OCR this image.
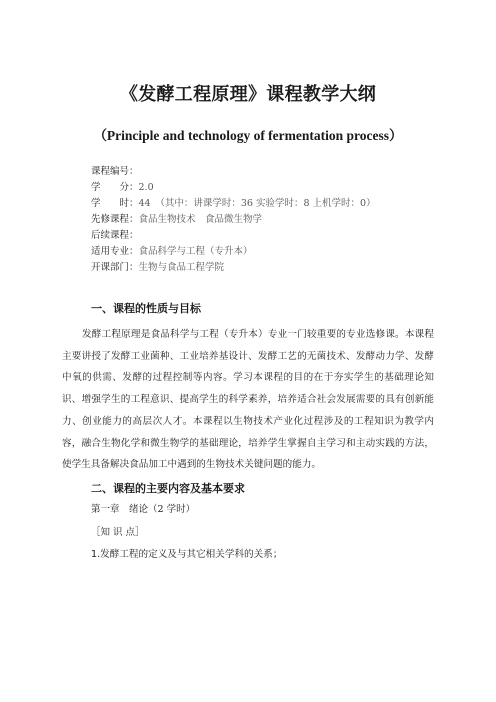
《发酵工程原理》课程教学大纲
（Principle and technology of fermentation process）
课程编号：
学　　分：2.0
学　　时：44　（其中：讲课学时：36 实验学时：8 上机学时：0）
先修课程：食品生物技术　食品微生物学
后续课程：
适用专业：食品科学与工程（专升本）
开课部门：生物与食品工程学院
一、课程的性质与目标
发酵工程原理是食品科学与工程（专升本）专业一门较重要的专业选修课。本课程主要讲授了发酵工业菌种、工业培养基设计、发酵工艺的无菌技术、发酵动力学、发酵中氧的供需、发酵的过程控制等内容。学习本课程的目的在于夯实学生的基础理论知识、增强学生的工程意识、提高学生的科学素养，培养适合社会发展需要的具有创新能力、创业能力的高层次人才。本课程以生物技术产业化过程涉及的工程知识为教学内容，融合生物化学和微生物学的基础理论，培养学生掌握自主学习和主动实践的方法，使学生具备解决食品加工中遇到的生物技术关键问题的能力。
二、课程的主要内容及基本要求
第一章　绪论（2 学时）
［知 识 点］
1.发酵工程的定义及与其它相关学科的关系；
